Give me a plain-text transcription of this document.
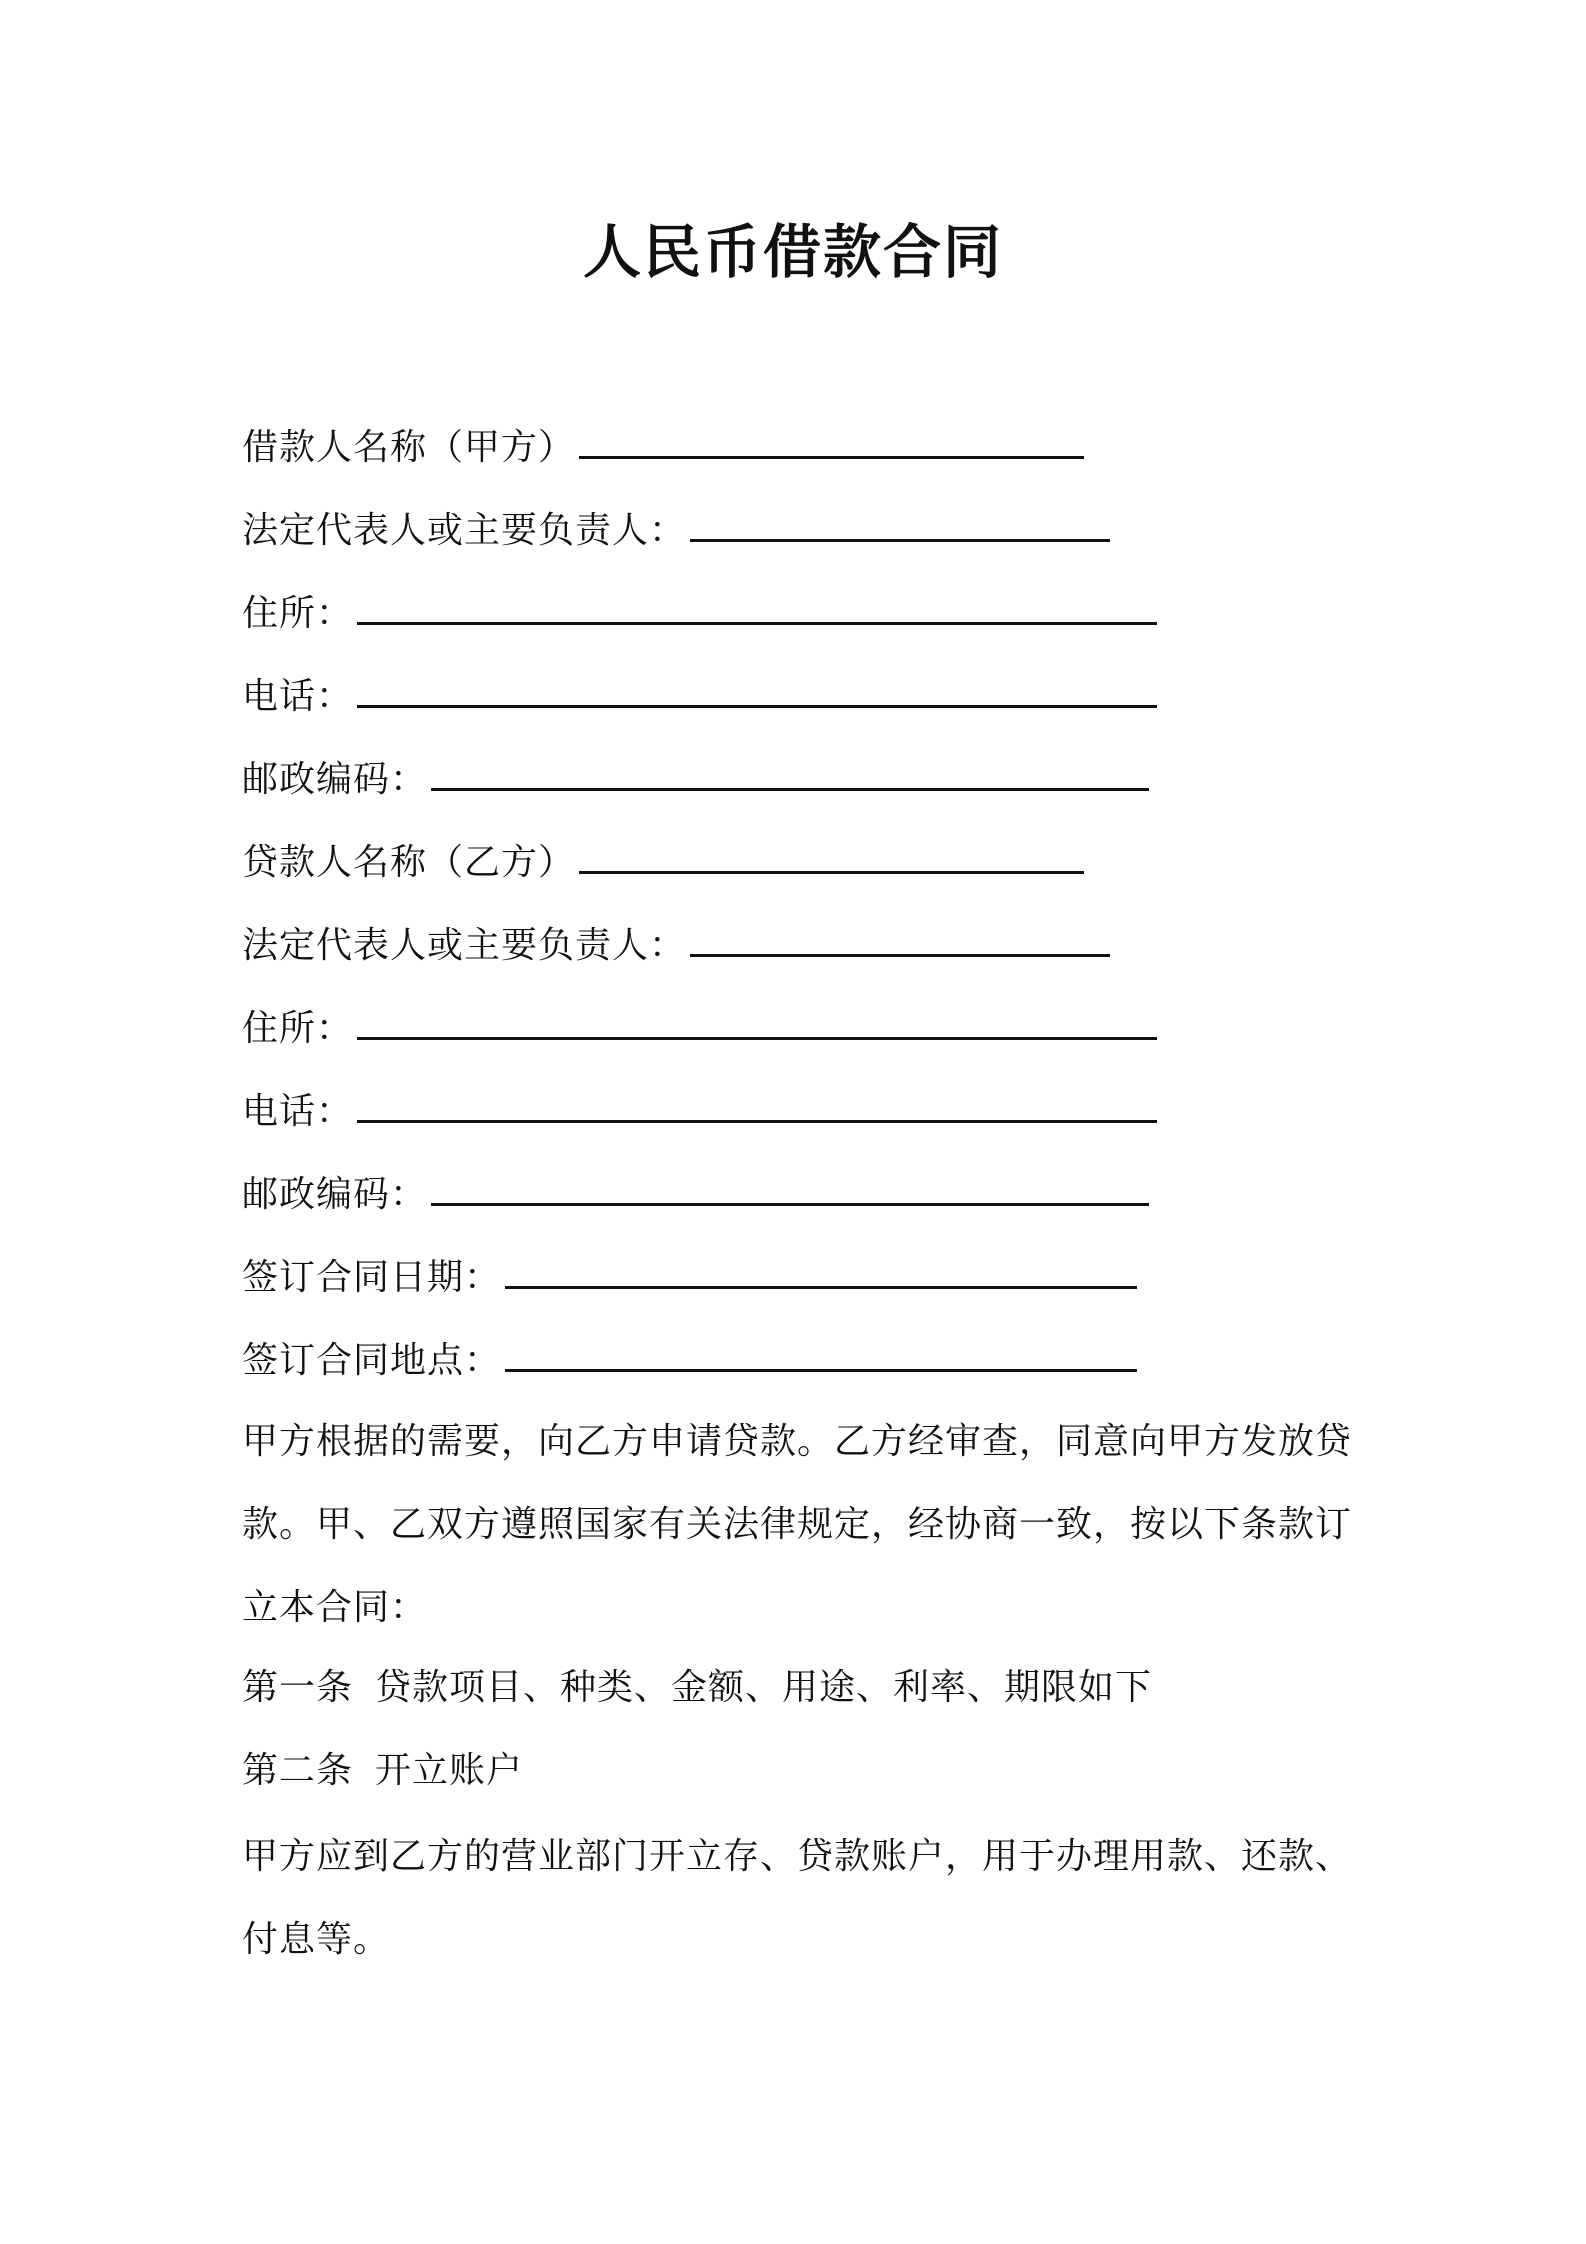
人民币借款合同
借款人名称（甲方）
法定代表人或主要负责人：
住所：
电话：
邮政编码：
贷款人名称（乙方）
法定代表人或主要负责人：
住所：
电话：
邮政编码：
签订合同日期：
签订合同地点：

甲方根据的需要，向乙方申请贷款。乙方经审查，同意向甲方发放贷款。甲、乙双方遵照国家有关法律规定，经协商一致，按以下条款订立本合同：

第一条 贷款项目、种类、金额、用途、利率、期限如下
第二条 开立账户

甲方应到乙方的营业部门开立存、贷款账户，用于办理用款、还款、付息等。
